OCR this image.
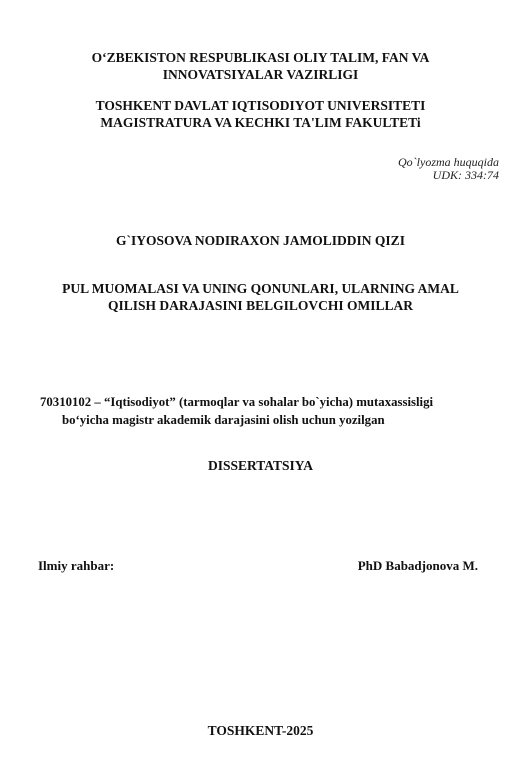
O‘ZBEKISTON RESPUBLIKASI OLIY TALIM, FAN VA
INNOVATSIYALAR VAZIRLIGI
TOSHKENT DAVLAT IQTISODIYOT UNIVERSITETI
MAGISTRATURA VA KECHKI TA'LIM FAKULTETi
Qo`lyozma huquqida
UDK: 334:74
G`IYOSOVA NODIRAXON JAMOLIDDIN QIZI
PUL MUOMALASI VA UNING QONUNLARI, ULARNING AMAL
QILISH DARAJASINI BELGILOVCHI OMILLAR
70310102 – “Iqtisodiyot” (tarmoqlar va sohalar bo`yicha) mutaxassisligi
bo‘yicha magistr akademik darajasini olish uchun yozilgan
DISSERTATSIYA
Ilmiy rahbar:	PhD Babadjonova M.
TOSHKENT-2025
